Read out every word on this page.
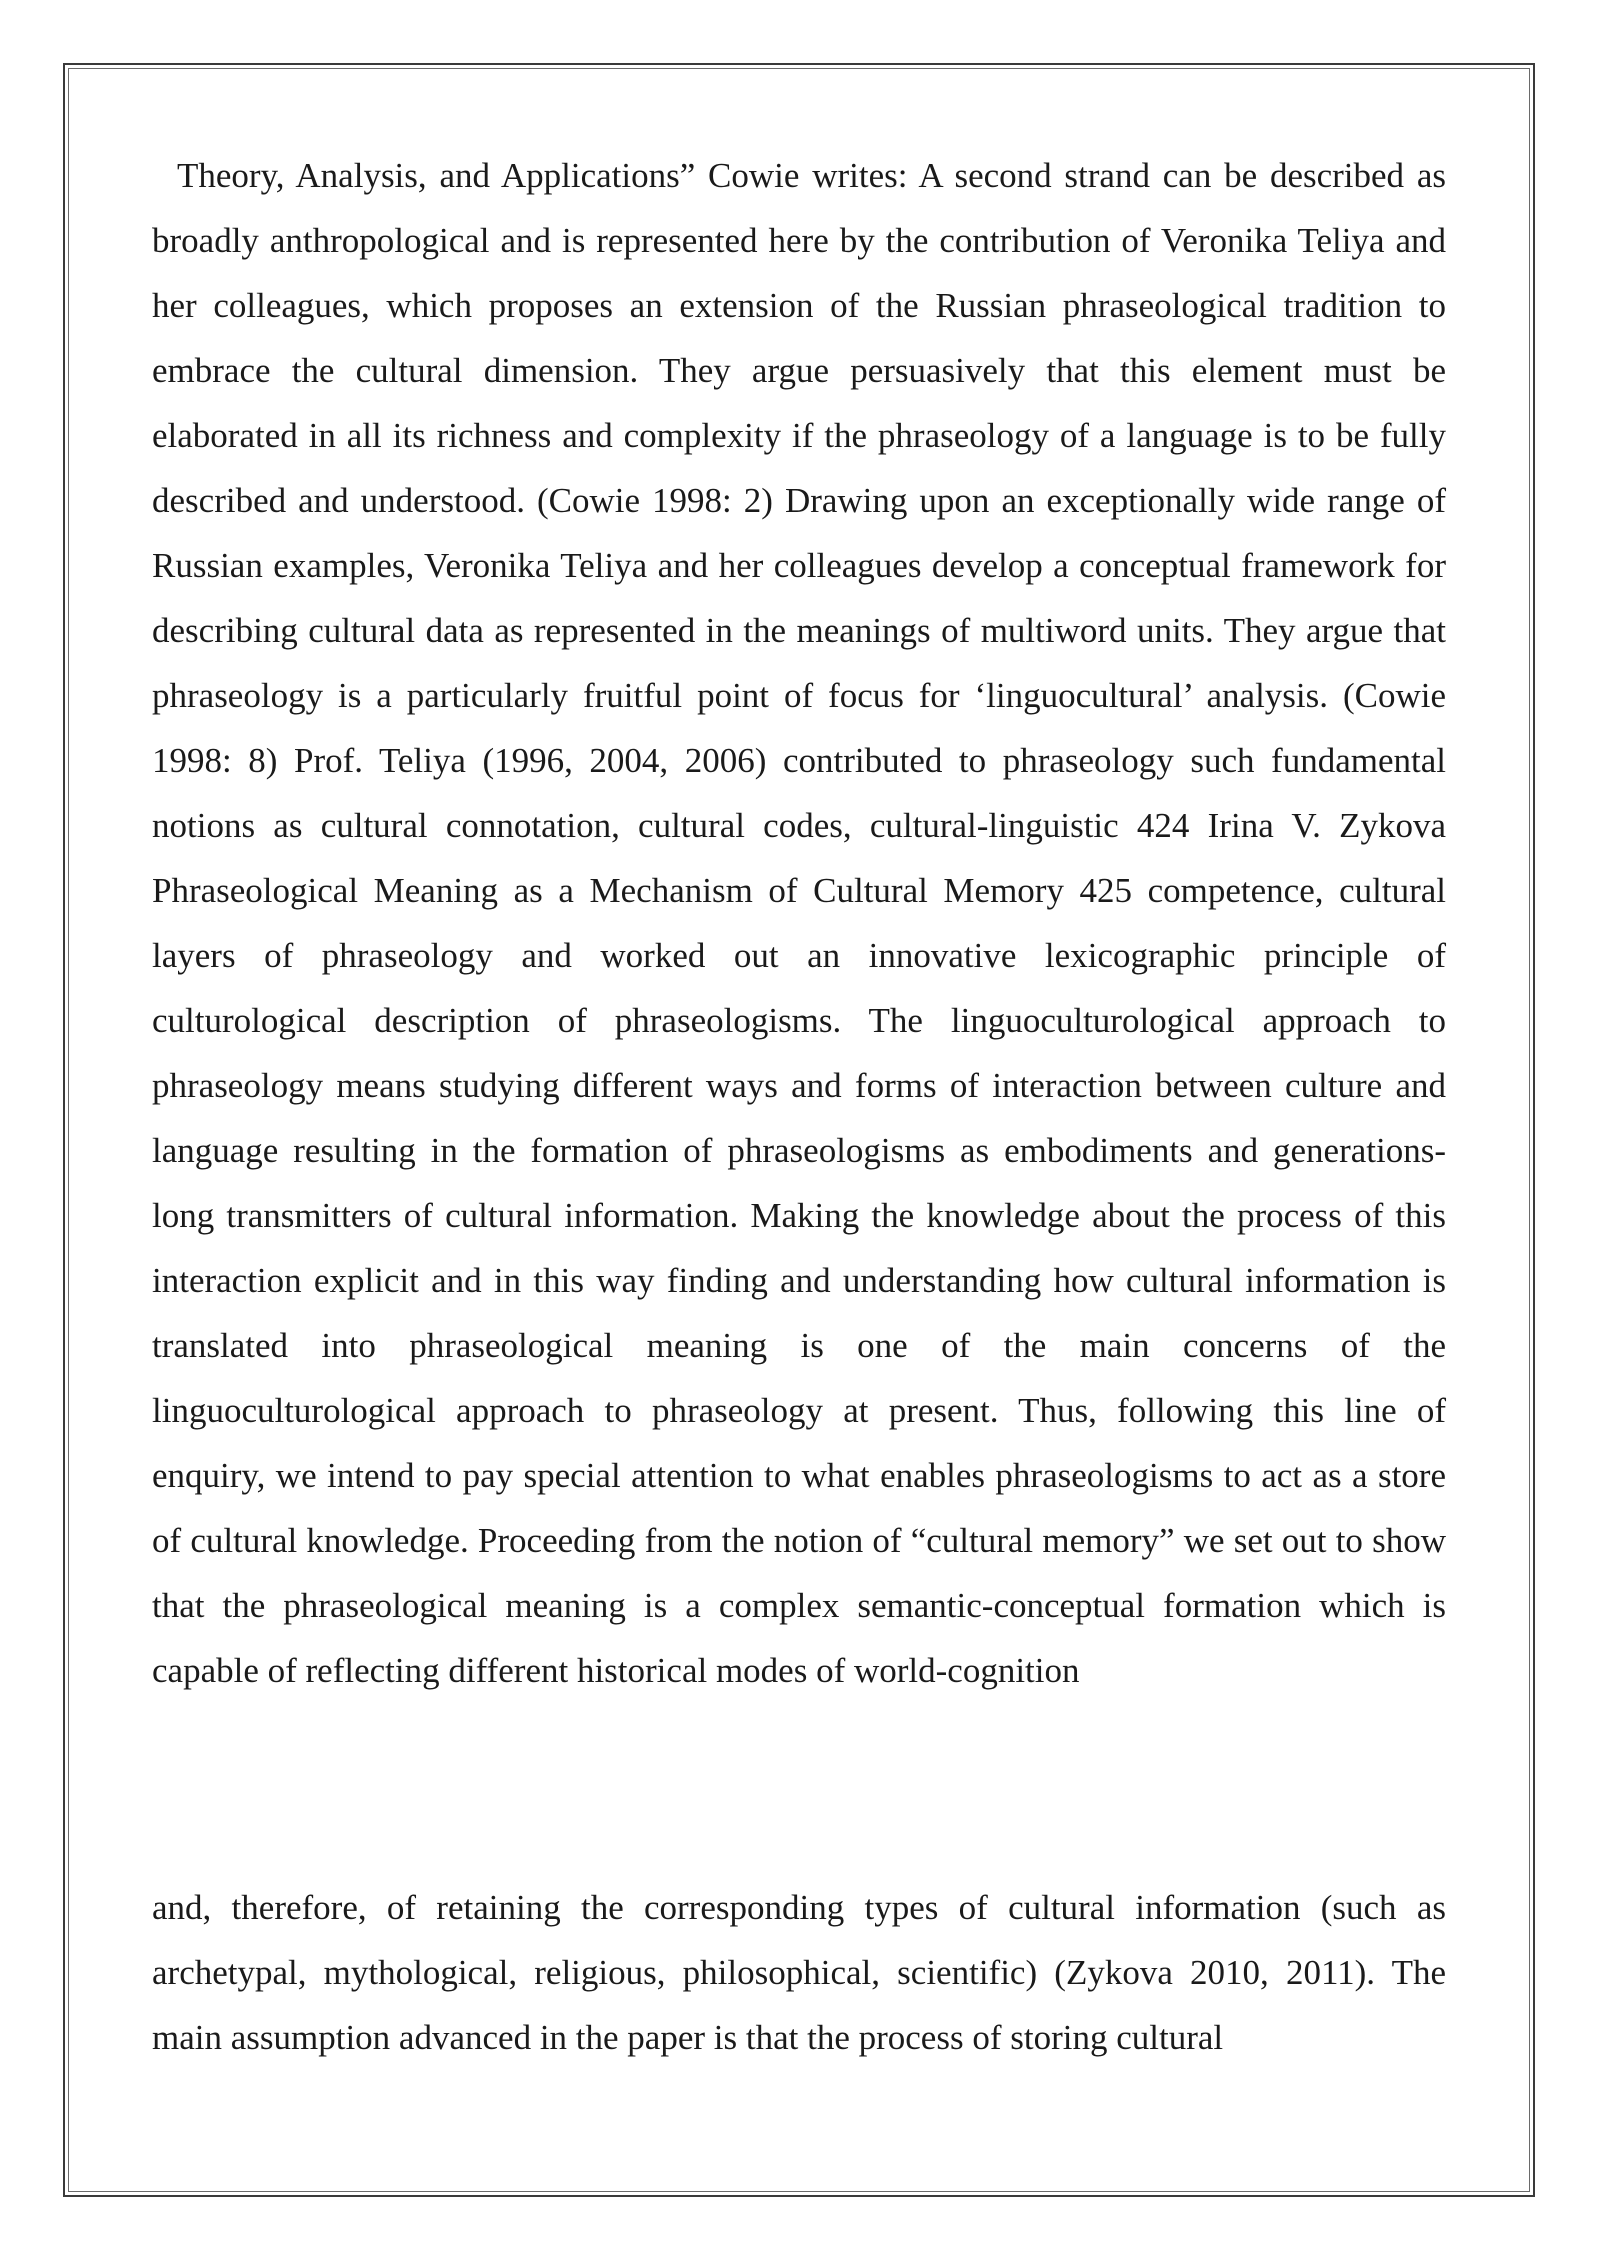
Theory, Analysis, and Applications” Cowie writes: A second strand can be described as broadly anthropological and is represented here by the contribution of Veronika Teliya and her colleagues, which proposes an extension of the Russian phraseological tradition to embrace the cultural dimension. They argue persuasively that this element must be elaborated in all its richness and complexity if the phraseology of a language is to be fully described and understood. (Cowie 1998: 2) Drawing upon an exceptionally wide range of Russian examples, Veronika Teliya and her colleagues develop a conceptual framework for describing cultural data as represented in the meanings of multiword units. They argue that phraseology is a particularly fruitful point of focus for ‘linguocultural’ analysis. (Cowie 1998: 8) Prof. Teliya (1996, 2004, 2006) contributed to phraseology such fundamental notions as cultural connotation, cultural codes, cultural-linguistic 424 Irina V. Zykova Phraseological Meaning as a Mechanism of Cultural Memory 425 competence, cultural layers of phraseology and worked out an innovative lexicographic principle of culturological description of phraseologisms. The linguoculturological approach to phraseology means studying different ways and forms of interaction between culture and language resulting in the formation of phraseologisms as embodiments and generations-long transmitters of cultural information. Making the knowledge about the process of this interaction explicit and in this way finding and understanding how cultural information is translated into phraseological meaning is one of the main concerns of the linguoculturological approach to phraseology at present. Thus, following this line of enquiry, we intend to pay special attention to what enables phraseologisms to act as a store of cultural knowledge. Proceeding from the notion of “cultural memory” we set out to show that the phraseological meaning is a complex semantic-conceptual formation which is capable of reflecting different historical modes of world-cognition

and, therefore, of retaining the corresponding types of cultural information (such as archetypal, mythological, religious, philosophical, scientific) (Zykova 2010, 2011). The main assumption advanced in the paper is that the process of storing cultural
